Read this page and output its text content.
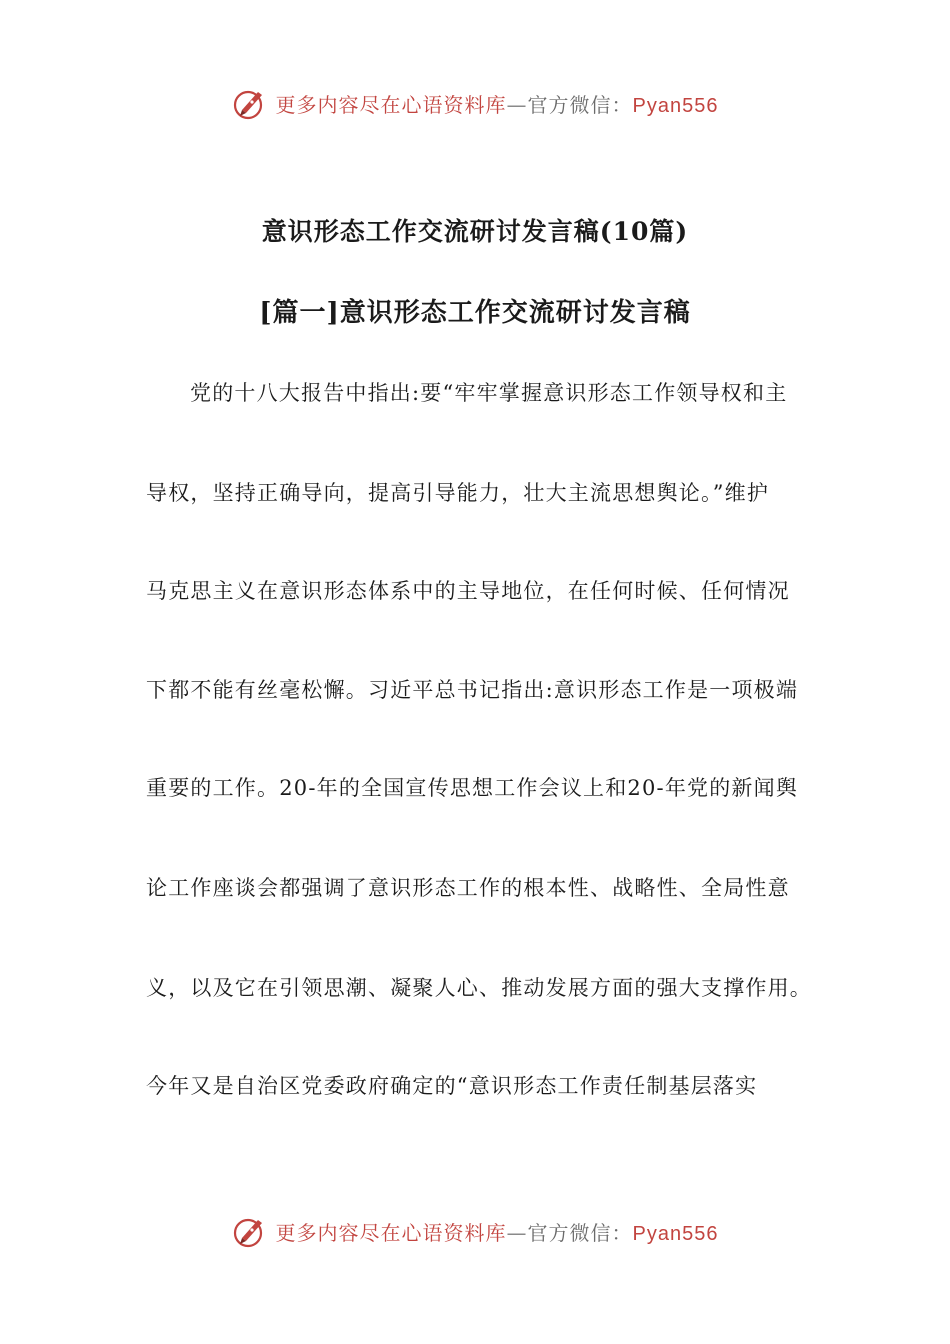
更多内容尽在心语资料库—官方微信：Pyan556
意识形态工作交流研讨发言稿(10篇)
[篇一]意识形态工作交流研讨发言稿
党的十八大报告中指出:要“牢牢掌握意识形态工作领导权和主
导权，坚持正确导向，提高引导能力，壮大主流思想舆论。”维护
马克思主义在意识形态体系中的主导地位，在任何时候、任何情况
下都不能有丝毫松懈。习近平总书记指出:意识形态工作是一项极端
重要的工作。20-年的全国宣传思想工作会议上和20-年党的新闻舆
论工作座谈会都强调了意识形态工作的根本性、战略性、全局性意
义，以及它在引领思潮、凝聚人心、推动发展方面的强大支撑作用。
今年又是自治区党委政府确定的“意识形态工作责任制基层落实
更多内容尽在心语资料库—官方微信：Pyan556
